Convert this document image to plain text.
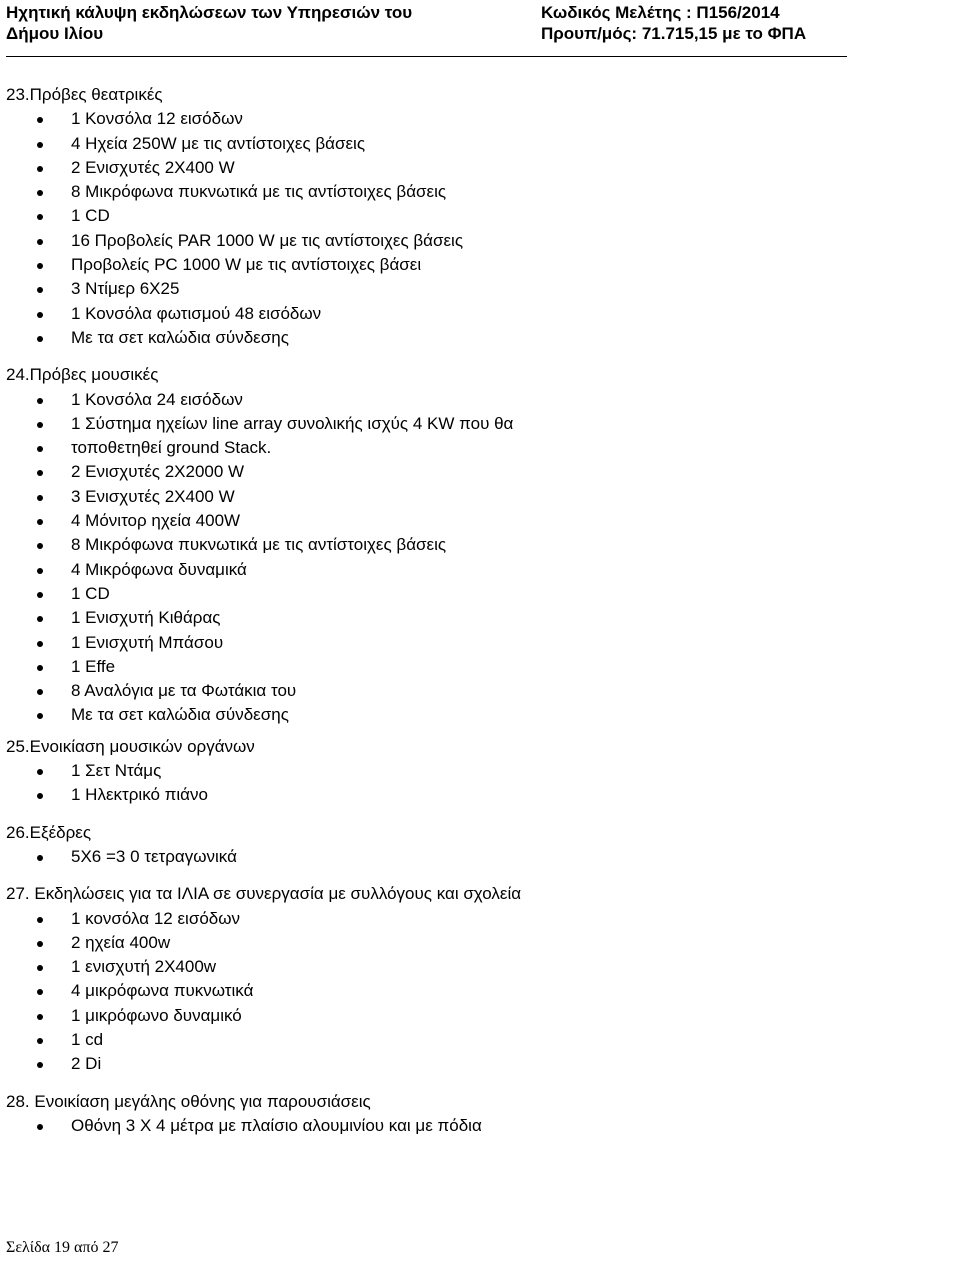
Ηχητική κάλυψη εκδηλώσεων των Υπηρεσιών του
Δήμου Ιλίου
Κωδικός Μελέτης : Π156/2014
Προυπ/μός: 71.715,15 με το ΦΠΑ
23.Πρόβες θεατρικές
1 Κονσόλα 12 εισόδων
4 Ηχεία 250W με τις αντίστοιχες βάσεις
2 Ενισχυτές 2Χ400 W
8 Μικρόφωνα πυκνωτικά με τις αντίστοιχες βάσεις
1 CD
16 Προβολείς PAR 1000 W με τις αντίστοιχες βάσεις
Προβολείς PC 1000 W με τις αντίστοιχες βάσει
3 Ντίμερ 6Χ25
1 Κονσόλα φωτισμού 48 εισόδων
Με τα σετ καλώδια σύνδεσης
24.Πρόβες μουσικές
1 Κονσόλα 24 εισόδων
1 Σύστημα ηχείων line array συνολικής ισχύς 4 KW που θα
τοποθετηθεί ground Stack.
2 Ενισχυτές 2Χ2000 W
3 Ενισχυτές 2Χ400 W
4 Μόνιτορ ηχεία 400W
8 Μικρόφωνα πυκνωτικά με τις αντίστοιχες βάσεις
4 Μικρόφωνα δυναμικά
1 CD
1 Ενισχυτή Κιθάρας
1 Ενισχυτή Μπάσου
1 Effe
8 Αναλόγια με τα Φωτάκια του
Με τα σετ καλώδια σύνδεσης
25.Ενοικίαση μουσικών οργάνων
1 Σετ Ντάμς
1 Ηλεκτρικό πιάνο
26.Εξέδρες
5Χ6 =3 0 τετραγωνικά
27. Εκδηλώσεις για τα ΙΛΙΑ σε συνεργασία με συλλόγους και σχολεία
1 κονσόλα 12 εισόδων
2 ηχεία 400w
1 ενισχυτή 2Χ400w
4 μικρόφωνα πυκνωτικά
1 μικρόφωνο δυναμικό
1 cd
2 Di
28. Ενοικίαση μεγάλης οθόνης για παρουσιάσεις
Οθόνη 3 Χ 4 μέτρα με πλαίσιο αλουμινίου και με πόδια
Σελίδα 19 από 27
